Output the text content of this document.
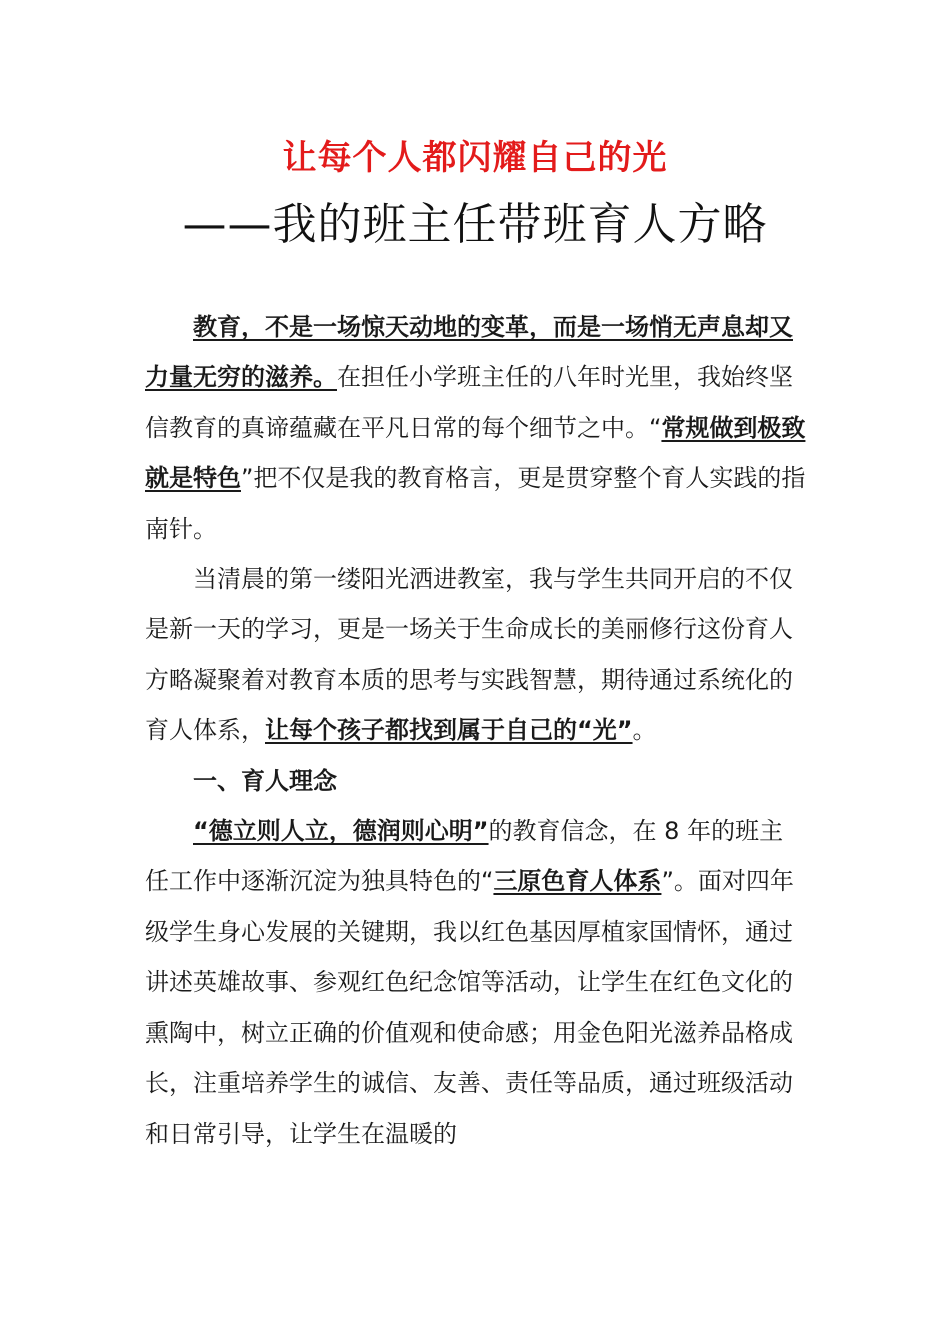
让每个人都闪耀自己的光
——我的班主任带班育人方略

教育，不是一场惊天动地的变革，而是一场悄无声息却又力量无穷的滋养。在担任小学班主任的八年时光里，我始终坚信教育的真谛蕴藏在平凡日常的每个细节之中。“常规做到极致就是特色”把不仅是我的教育格言，更是贯穿整个育人实践的指南针。

当清晨的第一缕阳光洒进教室，我与学生共同开启的不仅是新一天的学习，更是一场关于生命成长的美丽修行这份育人方略凝聚着对教育本质的思考与实践智慧，期待通过系统化的育人体系，让每个孩子都找到属于自己的“光”。

一、育人理念

“德立则人立，德润则心明”的教育信念，在 8 年的班主任工作中逐渐沉淀为独具特色的“三原色育人体系”。面对四年级学生身心发展的关键期，我以红色基因厚植家国情怀，通过讲述英雄故事、参观红色纪念馆等活动，让学生在红色文化的熏陶中，树立正确的价值观和使命感；用金色阳光滋养品格成长，注重培养学生的诚信、友善、责任等品质，通过班级活动和日常引导，让学生在温暖的
